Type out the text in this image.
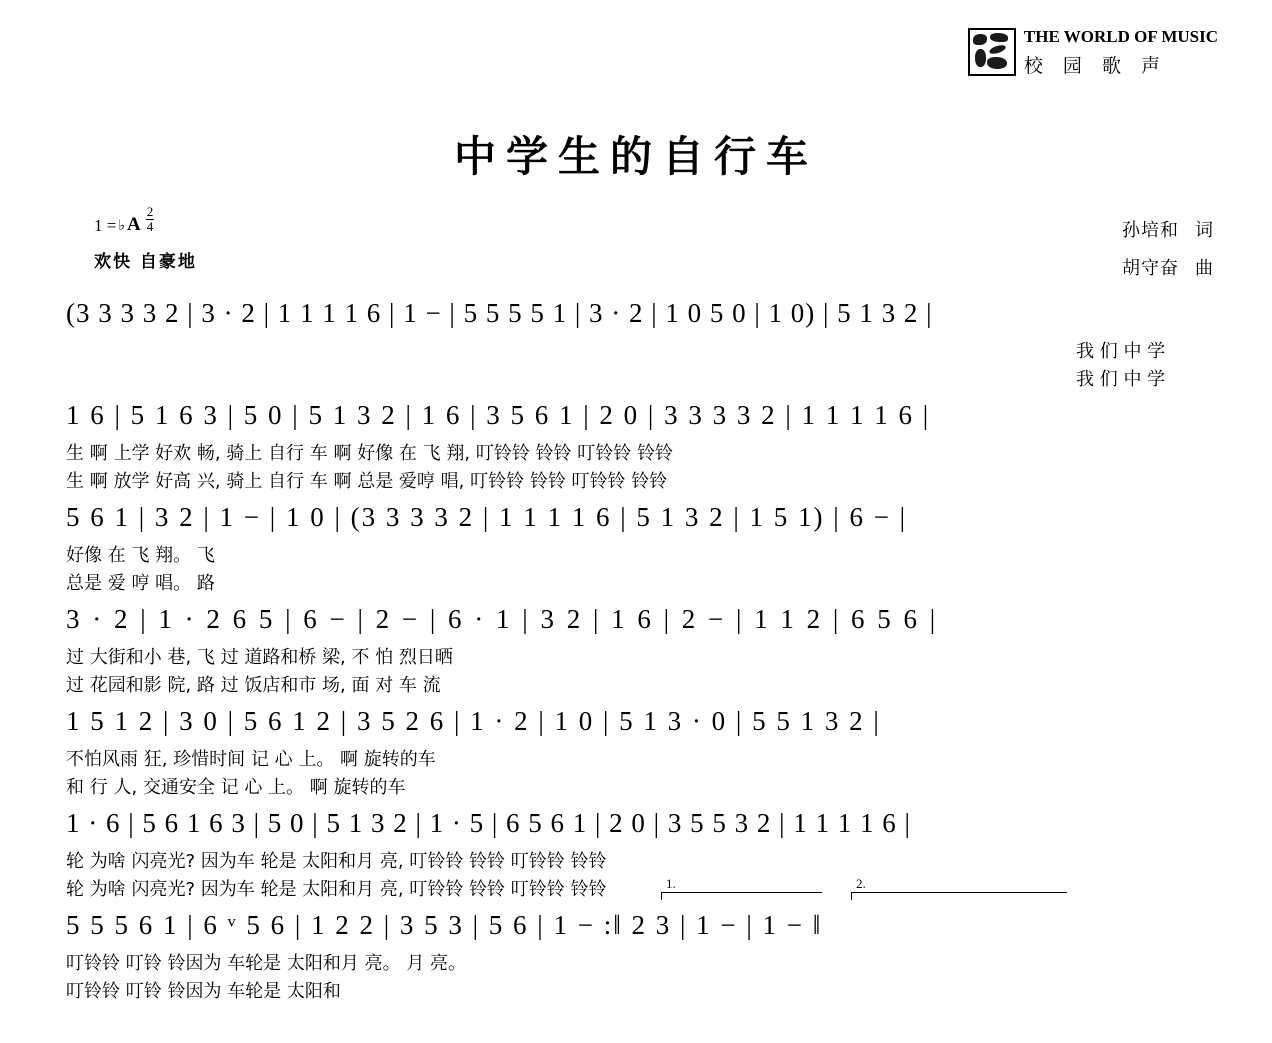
THE WORLD OF MUSIC
校 园 歌 声
中学生的自行车
1 = ♭ A $\frac{2}{4}$
欢快 自豪地
孙培和 词
胡守奋 曲
(3 3 3 3 2 | 3 · 2 | 1 1 1 1 6 | 1 − | 5 5 5 5 1 | 3 · 2 | 1 0 5 0 | 1 0) | 5 1 3 2 |
我 们 中 学
我 们 中 学
1 6 | 5 1 6 3 | 5 0 | 5 1 3 2 | 1 6 | 3 5 6 1 | 2 0 | 3 3 3 3 2 | 1 1 1 1 6 |
生 啊 上学 好欢 畅, 骑上 自行 车 啊 好像 在 飞 翔, 叮铃铃 铃铃 叮铃铃 铃铃
生 啊 放学 好高 兴, 骑上 自行 车 啊 总是 爱哼 唱, 叮铃铃 铃铃 叮铃铃 铃铃
5 6 1 | 3 2 | 1 − | 1 0 | (3 3 3 3 2 | 1 1 1 1 6 | 5 1 3 2 | 1 5 1) | 6 − |
好像 在 飞 翔。 飞
总是 爱 哼 唱。 路
3 · 2 | 1 · 2 6 5 | 6 − | 2 − | 6 · 1 | 3 2 | 1 6 | 2 − | 1 1 2 | 6 5 6 |
过 大街和小 巷, 飞 过 道路和桥 梁, 不 怕 烈日晒
过 花园和影 院, 路 过 饭店和市 场, 面 对 车 流
1 5 1 2 | 3 0 | 5 6 1 2 | 3 5 2 6 | 1 · 2 | 1 0 | 5 1 3 · 0 | 5 5 1 3 2 |
不怕风雨 狂, 珍惜时间 记 心 上。 啊 旋转的车
和 行 人, 交通安全 记 心 上。 啊 旋转的车
1 · 6 | 5 6 1 6 3 | 5 0 | 5 1 3 2 | 1 · 5 | 6 5 6 1 | 2 0 | 3 5 5 3 2 | 1 1 1 1 6 |
轮 为啥 闪亮光? 因为车 轮是 太阳和月 亮, 叮铃铃 铃铃 叮铃铃 铃铃
轮 为啥 闪亮光? 因为车 轮是 太阳和月 亮, 叮铃铃 铃铃 叮铃铃 铃铃	1.	2.
5 5 5 6 1 | 6 ᵛ 5 6 | 1 2 2 | 3 5 3 | 5 6 | 1 − :‖ 2 3 | 1 − | 1 − ‖
叮铃铃 叮铃 铃因为 车轮是 太阳和月 亮。 月 亮。
叮铃铃 叮铃 铃因为 车轮是 太阳和
